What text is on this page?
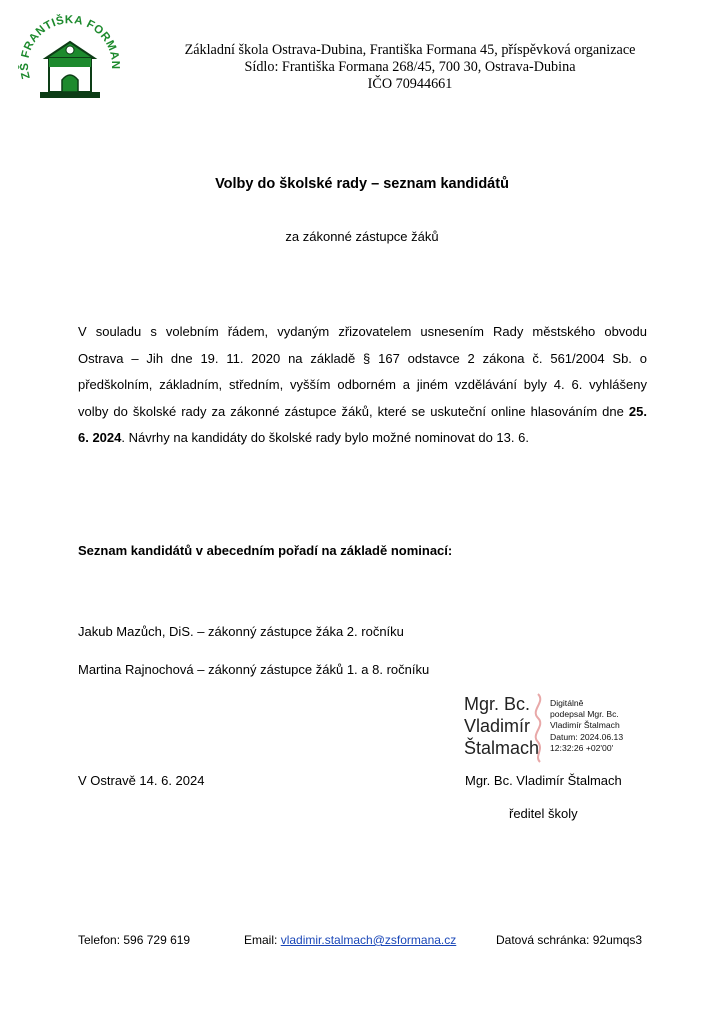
ZŠ FRANTIŠKA FORMAN
Základní škola Ostrava-Dubina, Františka Formana 45, příspěvková organizace
Sídlo: Františka Formana 268/45, 700 30, Ostrava-Dubina
IČO 70944661
Volby do školské rady – seznam kandidátů
za zákonné zástupce žáků
V souladu s volebním řádem, vydaným zřizovatelem usnesením Rady městského obvodu
Ostrava – Jih dne 19. 11. 2020 na základě § 167 odstavce 2 zákona č. 561/2004 Sb. o
předškolním, základním, středním, vyšším odborném a jiném vzdělávání byly 4. 6. vyhlášeny
volby do školské rady za zákonné zástupce žáků, které se uskuteční online hlasováním dne 25.
6. 2024. Návrhy na kandidáty do školské rady bylo možné nominovat do 13. 6.
Seznam kandidátů v abecedním pořadí na základě nominací:
Jakub Mazůch, DiS. – zákonný zástupce žáka 2. ročníku
Martina Rajnochová – zákonný zástupce žáků 1. a 8. ročníku
Mgr. Bc.
Vladimír
Štalmach
Digitálně
podepsal Mgr. Bc.
Vladimír Štalmach
Datum: 2024.06.13
12:32:26 +02'00'
V Ostravě 14. 6. 2024	Mgr. Bc. Vladimír Štalmach
ředitel školy
Telefon: 596 729 619	Email: vladimir.stalmach@zsformana.cz	Datová schránka: 92umqs3
